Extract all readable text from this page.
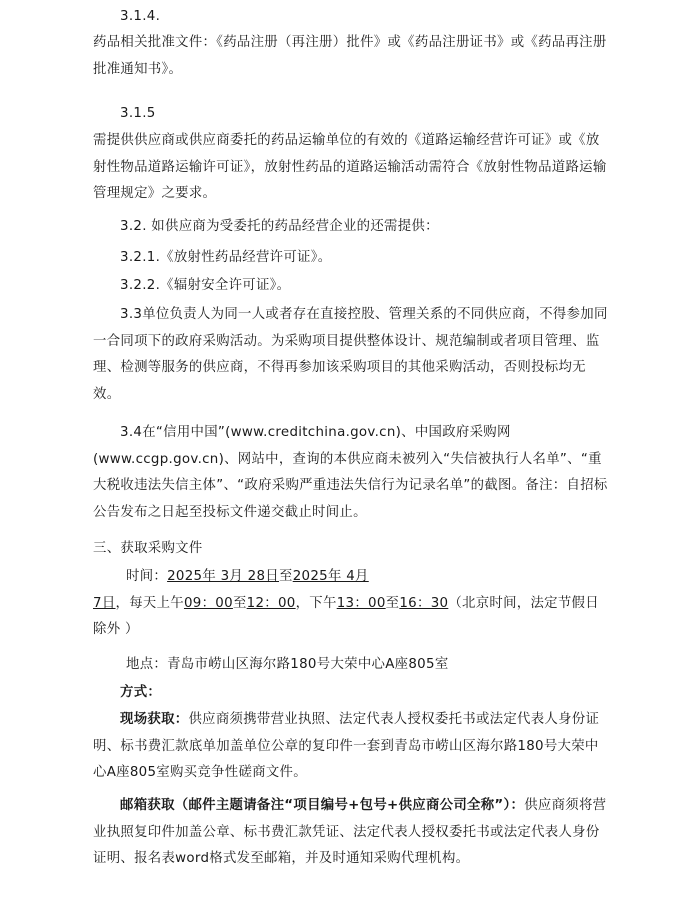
3.1.4.
药品相关批准文件：《药品注册（再注册）批件》或《药品注册证书》或《药品再注册批准通知书》。
3.1.5
需提供供应商或供应商委托的药品运输单位的有效的《道路运输经营许可证》或《放射性物品道路运输许可证》，放射性药品的道路运输活动需符合《放射性物品道路运输管理规定》之要求。
3.2. 如供应商为受委托的药品经营企业的还需提供：
3.2.1.《放射性药品经营许可证》。
3.2.2.《辐射安全许可证》。
3.3单位负责人为同一人或者存在直接控股、管理关系的不同供应商，不得参加同一合同项下的政府采购活动。为采购项目提供整体设计、规范编制或者项目管理、监理、检测等服务的供应商，不得再参加该采购项目的其他采购活动，否则投标均无效。
3.4在“信用中国”(www.creditchina.gov.cn)、中国政府采购网(www.ccgp.gov.cn)、网站中，查询的本供应商未被列入“失信被执行人名单”、“重大税收违法失信主体”、“政府采购严重违法失信行为记录名单”的截图。备注：自招标公告发布之日起至投标文件递交截止时间止。
三、获取采购文件
时间：2025年 3月 28日至2025年 4月
7日，每天上午09：00至12：00，下午13：00至16：30（北京时间，法定节假日除外 ）
地点：青岛市崂山区海尔路180号大荣中心A座805室
方式：
现场获取：供应商须携带营业执照、法定代表人授权委托书或法定代表人身份证明、标书费汇款底单加盖单位公章的复印件一套到青岛市崂山区海尔路180号大荣中心A座805室购买竞争性磋商文件。
邮箱获取（邮件主题请备注“项目编号+包号+供应商公司全称”）：供应商须将营业执照复印件加盖公章、标书费汇款凭证、法定代表人授权委托书或法定代表人身份证明、报名表word格式发至邮箱，并及时通知采购代理机构。
